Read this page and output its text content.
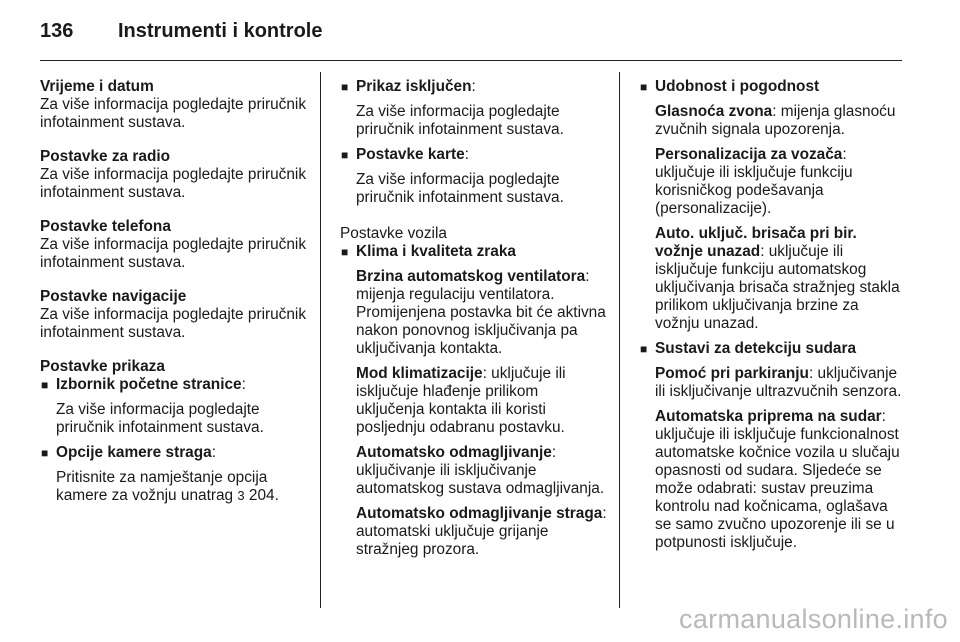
136 Instrumenti i kontrole
Vrijeme i datum
Za više informacija pogledajte priručnik infotainment sustava.
Postavke za radio
Za više informacija pogledajte priručnik infotainment sustava.
Postavke telefona
Za više informacija pogledajte priručnik infotainment sustava.
Postavke navigacije
Za više informacija pogledajte priručnik infotainment sustava.
Postavke prikaza
■ Izbornik početne stranice:
Za više informacija pogledajte priručnik infotainment sustava.
■ Opcije kamere straga:
Pritisnite za namještanje opcija kamere za vožnju unatrag 3 204.
■ Prikaz isključen:
Za više informacija pogledajte priručnik infotainment sustava.
■ Postavke karte:
Za više informacija pogledajte priručnik infotainment sustava.
Postavke vozila
■ Klima i kvaliteta zraka
Brzina automatskog ventilatora: mijenja regulaciju ventilatora. Promijenjena postavka bit će aktivna nakon ponovnog isključivanja pa uključivanja kontakta.
Mod klimatizacije: uključuje ili isključuje hlađenje prilikom uključenja kontakta ili koristi posljednju odabranu postavku.
Automatsko odmagljivanje: uključivanje ili isključivanje automatskog sustava odmagljivanja.
Automatsko odmagljivanje straga: automatski uključuje grijanje stražnjeg prozora.
■ Udobnost i pogodnost
Glasnoća zvona: mijenja glasnoću zvučnih signala upozorenja.
Personalizacija za vozača: uključuje ili isključuje funkciju korisničkog podešavanja (personalizacije).
Auto. uključ. brisača pri bir. vožnje unazad: uključuje ili isključuje funkciju automatskog uključivanja brisača stražnjeg stakla prilikom uključivanja brzine za vožnju unazad.
■ Sustavi za detekciju sudara
Pomoć pri parkiranju: uključivanje ili isključivanje ultrazvučnih senzora.
Automatska priprema na sudar: uključuje ili isključuje funkcionalnost automatske kočnice vozila u slučaju opasnosti od sudara. Sljedeće se može odabrati: sustav preuzima kontrolu nad kočnicama, oglašava se samo zvučno upozorenje ili se u potpunosti isključuje.
carmanualsonline.info
